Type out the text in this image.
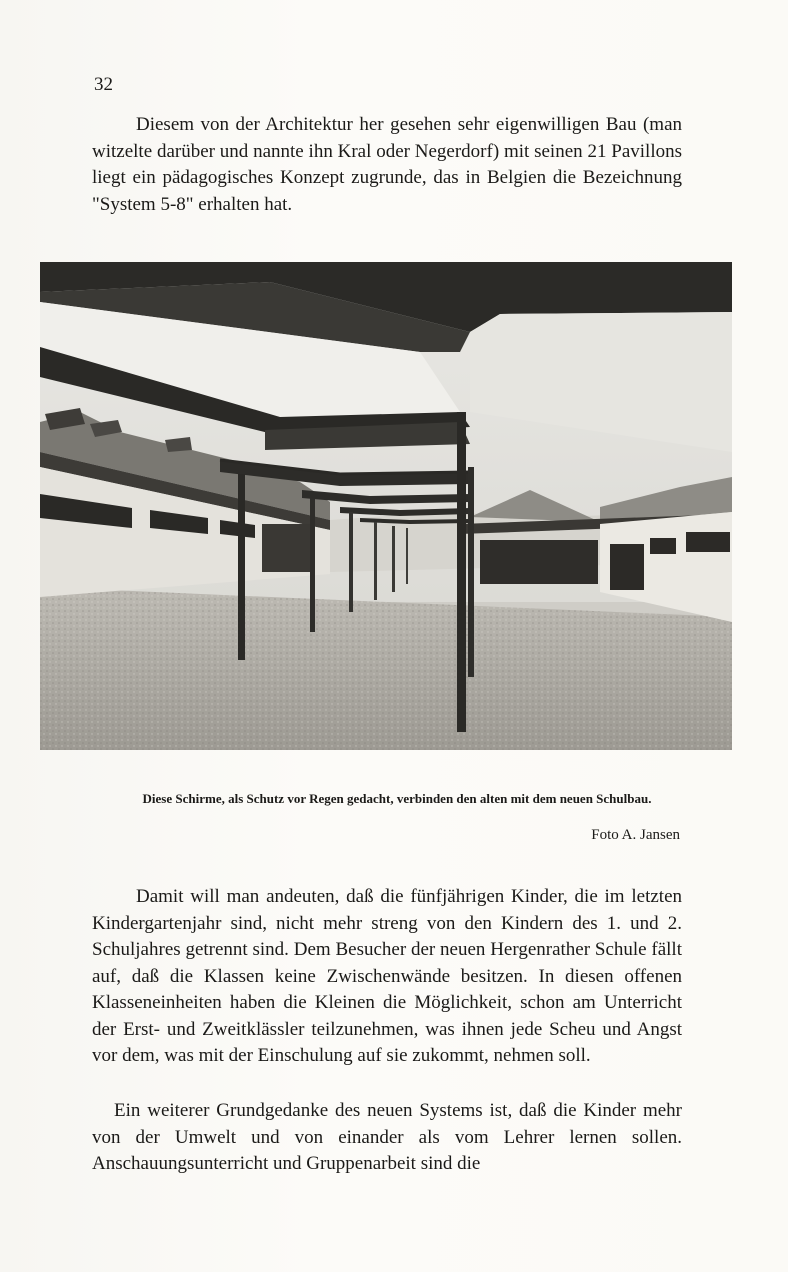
32

Diesem von der Architektur her gesehen sehr eigenwilligen Bau (man witzelte darüber und nannte ihn Kral oder Negerdorf) mit seinen 21 Pavillons liegt ein pädagogisches Konzept zugrunde, das in Belgien die Bezeichnung "System 5-8" erhalten hat.

Diese Schirme, als Schutz vor Regen gedacht, verbinden den alten mit dem neuen Schulbau.

Foto A. Jansen

Damit will man andeuten, daß die fünfjährigen Kinder, die im letzten Kindergartenjahr sind, nicht mehr streng von den Kindern des 1. und 2. Schuljahres getrennt sind. Dem Besucher der neuen Hergenrather Schule fällt auf, daß die Klassen keine Zwischenwände besitzen. In diesen offenen Klasseneinheiten haben die Kleinen die Möglichkeit, schon am Unterricht der Erst- und Zweitklässler teilzunehmen, was ihnen jede Scheu und Angst vor dem, was mit der Einschulung auf sie zukommt, nehmen soll.

Ein weiterer Grundgedanke des neuen Systems ist, daß die Kinder mehr von der Umwelt und von einander als vom Lehrer lernen sollen. Anschauungsunterricht und Gruppenarbeit sind die
